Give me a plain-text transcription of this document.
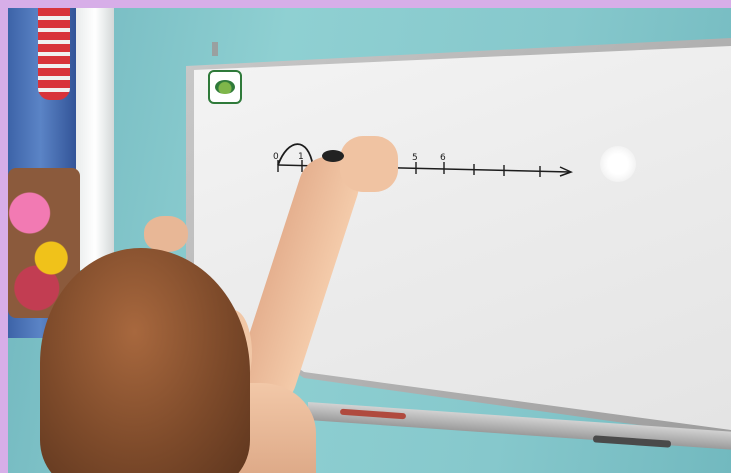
0 1	5 6
